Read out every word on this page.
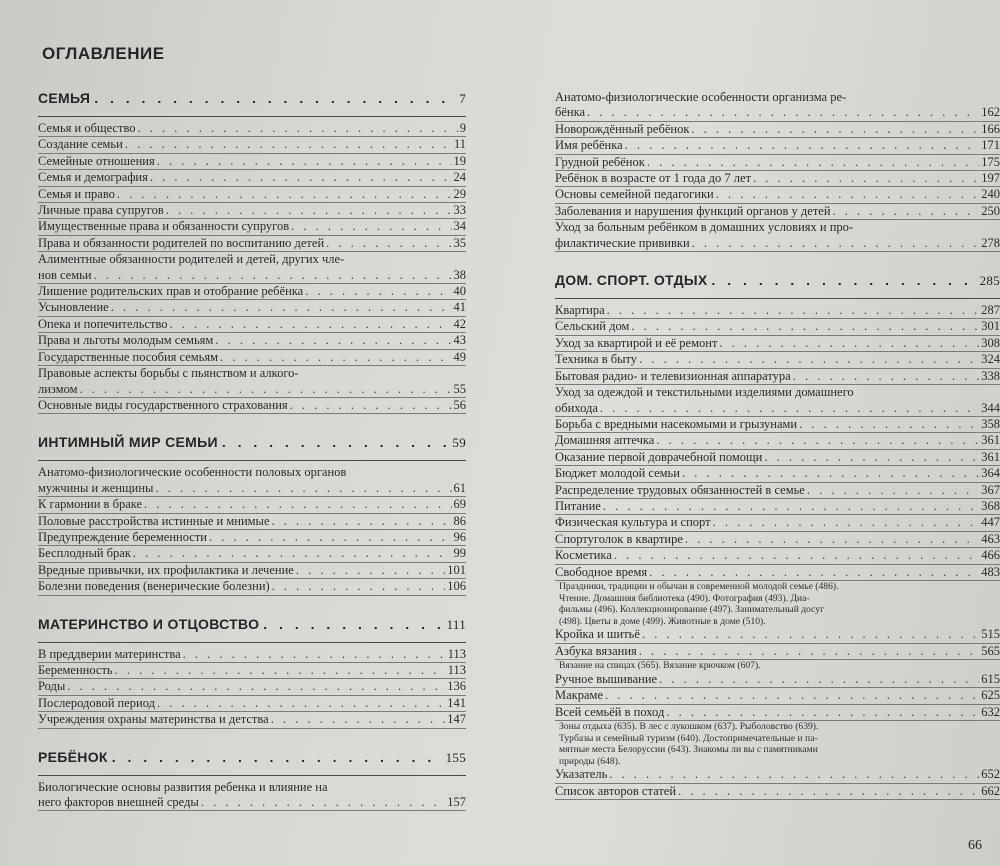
ОГЛАВЛЕНИЕ
СЕМЬЯ . . .	7
Семья и общество . . .	9
Создание семьи . . .	11
Семейные отношения . . .	19
Семья и демография . . .	24
Семья и право . . .	29
Личные права супругов . . .	33
Имущественные права и обязанности супругов . . .	34
Права и обязанности родителей по воспитанию детей . . .	35
Алиментные обязанности родителей и детей, других чле-
нов семьи . . .	38
Лишение родительских прав и отобрание ребёнка . . .	40
Усыновление . . .	41
Опека и попечительство . . .	42
Права и льготы молодым семьям . . .	43
Государственные пособия семьям . . .	49
Правовые аспекты борьбы с пьянством и алкого-
лизмом . . .	55
Основные виды государственного страхования . . .	56
ИНТИМНЫЙ МИР СЕМЬИ . . .	59
Анатомо-физиологические особенности половых органов
мужчины и женщины . . .	61
К гармонии в браке . . .	69
Половые расстройства истинные и мнимые . . .	86
Предупреждение беременности . . .	96
Бесплодный брак . . .	99
Вредные привычки, их профилактика и лечение . . .	101
Болезни поведения (венерические болезни) . . .	106
МАТЕРИНСТВО И ОТЦОВСТВО . . .	111
В преддверии материнства . . .	113
Беременность . . .	113
Роды . . .	136
Послеродовой период . . .	141
Учреждения охраны материнства и детства . . .	147
РЕБЁНОК . . .	155
Биологические основы развития ребенка и влияние на
него факторов внешней среды . . .	157
Анатомо-физиологические особенности организма ре-
бёнка . . .	162
Новорождённый ребёнок . . .	166
Имя ребёнка . . .	171
Грудной ребёнок . . .	175
Ребёнок в возрасте от 1 года до 7 лет . . .	197
Основы семейной педагогики . . .	240
Заболевания и нарушения функций органов у детей . . .	250
Уход за больным ребёнком в домашних условиях и про-
филактические прививки . . .	278
ДОМ. СПОРТ. ОТДЫХ . . .	285
Квартира . . .	287
Сельский дом . . .	301
Уход за квартирой и её ремонт . . .	308
Техника в быту . . .	324
Бытовая радио- и телевизионная аппаратура . . .	338
Уход за одеждой и текстильными изделиями домашнего
обихода . . .	344
Борьба с вредными насекомыми и грызунами . . .	358
Домашняя аптечка . . .	361
Оказание первой доврачебной помощи . . .	361
Бюджет молодой семьи . . .	364
Распределение трудовых обязанностей в семье . . .	367
Питание . . .	368
Физическая культура и спорт . . .	447
Спортуголок в квартире . . .	463
Косметика . . .	466
Свободное время . . .	483
Праздники, традиции и обычаи в современной молодой семье (486).
Чтение. Домашняя библиотека (490). Фотография (493). Диа-
фильмы (496). Коллекционирование (497). Занимательный досуг
(498). Цветы в доме (499). Животные в доме (510).
Кройка и шитьё . . .	515
Азбука вязания . . .	565
Вязание на спицах (565). Вязание крючком (607).
Ручное вышивание . . .	615
Макраме . . .	625
Всей семьёй в поход . . .	632
Зоны отдыха (635). В лес с лукошком (637). Рыболовство (639).
Турбазы и семейный туризм (640). Достопримечательные и па-
мятные места Белоруссии (643). Знакомы ли вы с памятниками
природы (648).
Указатель . . .	652
Список авторов статей . . .	662
66
